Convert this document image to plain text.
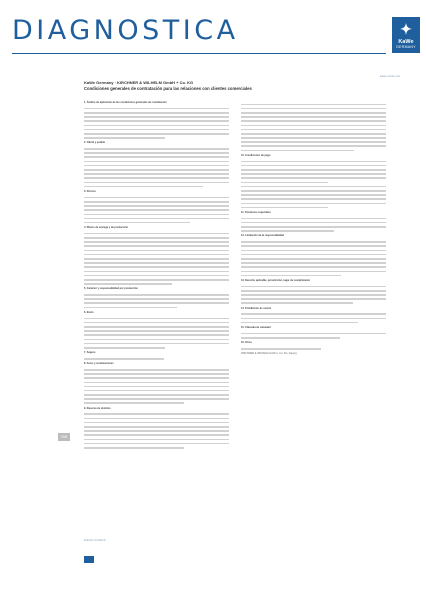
DIAGNOSTICA	✦
KaWe
GERMANY
kawe-online.de
KaWe Germany · KIRCHNER & WILHELM GmbH + Co. KG
Condiciones generales de contratación para las relaciones con clientes comerciales

1. Ámbito de aplicación de las condiciones generales de contratación

2. Oferta y pedido

3. Precios

4. Plazos de entrega y de producción

5. Carácter y responsabilidad por producción

6. Envío

7. Seguro

8. Aviso y reclamaciones

9. Reserva de dominio

10. Condiciones de pago

11. Productos especiales

12. Limitación de la responsabilidad

13. Derecho aplicable, jurisdicción, lugar de cumplimiento

14. Prohibición de cesión

15. Cláusula de salvedad

16. Otros

KIRCHNER & WILHELM GmbH + Co. KG, Asperg

208
Edición 01/2016
